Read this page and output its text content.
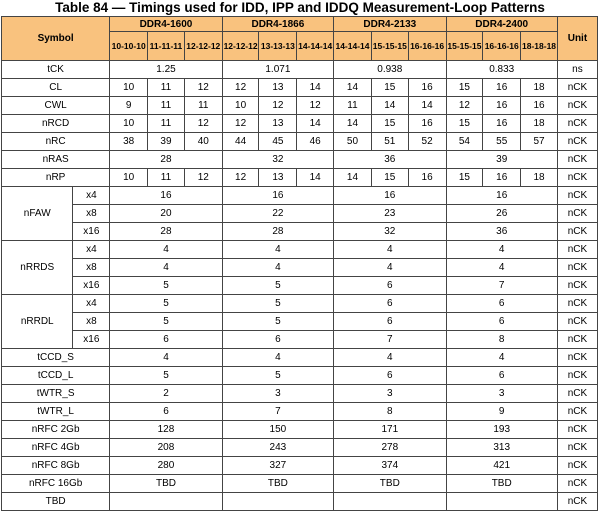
Table 84 — Timings used for IDD, IPP and IDDQ Measurement-Loop Patterns
Symbol		DDR4-1600			DDR4-1866			DDR4-2133			DDR4-2400			Unit
		10-10-10	11-11-11	12-12-12	12-12-12	13-13-13	14-14-14	14-14-14	15-15-15	16-16-16	15-15-15	16-16-16	18-18-18	
tCK		1.25			1.071			0.938			0.833			ns
CL		10	11	12	12	13	14	14	15	16	15	16	18	nCK
CWL		9	11	11	10	12	12	11	14	14	12	16	16	nCK
nRCD		10	11	12	12	13	14	14	15	16	15	16	18	nCK
nRC		38	39	40	44	45	46	50	51	52	54	55	57	nCK
nRAS		28			32			36			39			nCK
nRP		10	11	12	12	13	14	14	15	16	15	16	18	nCK
nFAW	x4	16			16			16			16			nCK
	x8	20			22			23			26			nCK
	x16	28			28			32			36			nCK
nRRDS	x4	4			4			4			4			nCK
	x8	4			4			4			4			nCK
	x16	5			5			6			7			nCK
nRRDL	x4	5			5			6			6			nCK
	x8	5			5			6			6			nCK
	x16	6			6			7			8			nCK
tCCD_S		4			4			4			4			nCK
tCCD_L		5			5			6			6			nCK
tWTR_S		2			3			3			3			nCK
tWTR_L		6			7			8			9			nCK
nRFC 2Gb		128			150			171			193			nCK
nRFC 4Gb		208			243			278			313			nCK
nRFC 8Gb		280			327			374			421			nCK
nRFC 16Gb		TBD			TBD			TBD			TBD			nCK
TBD														nCK
